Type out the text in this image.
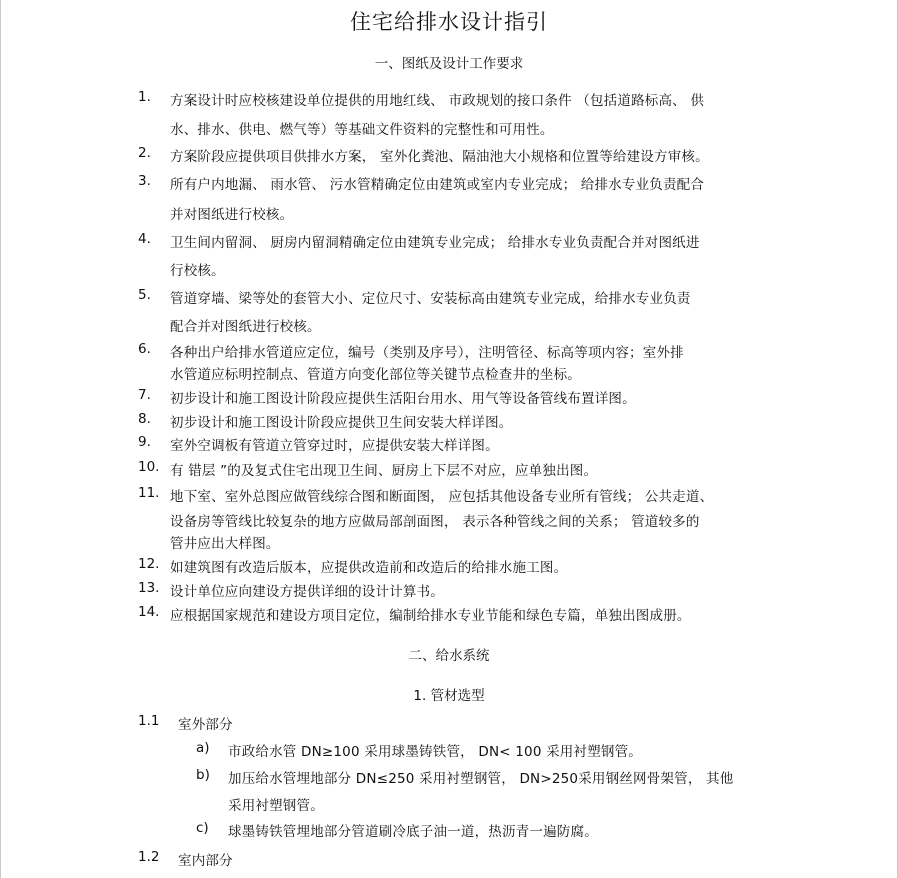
住宅给排水设计指引
一、图纸及设计工作要求
1.	方案设计时应校核建设单位提供的用地红线、 市政规划的接口条件 （包括道路标高、 供
水、排水、供电、燃气等）等基础文件资料的完整性和可用性。
2.	方案阶段应提供项目供排水方案， 室外化粪池、隔油池大小规格和位置等给建设方审核。
3.	所有户内地漏、 雨水管、 污水管精确定位由建筑或室内专业完成； 给排水专业负责配合
并对图纸进行校核。
4.	卫生间内留洞、 厨房内留洞精确定位由建筑专业完成； 给排水专业负责配合并对图纸进
行校核。
5.	管道穿墙、梁等处的套管大小、定位尺寸、安装标高由建筑专业完成，给排水专业负责
配合并对图纸进行校核。
6.	各种出户给排水管道应定位，编号（类别及序号），注明管径、标高等项内容；室外排
水管道应标明控制点、管道方向变化部位等关键节点检查井的坐标。
7.	初步设计和施工图设计阶段应提供生活阳台用水、用气等设备管线布置详图。
8.	初步设计和施工图设计阶段应提供卫生间安装大样详图。
9.	室外空调板有管道立管穿过时，应提供安装大样详图。
10. 有 错层 ”的及复式住宅出现卫生间、厨房上下层不对应，应单独出图。
11. 地下室、室外总图应做管线综合图和断面图， 应包括其他设备专业所有管线； 公共走道、
设备房等管线比较复杂的地方应做局部剖面图， 表示各种管线之间的关系； 管道较多的
管井应出大样图。
12. 如建筑图有改造后版本，应提供改造前和改造后的给排水施工图。
13. 设计单位应向建设方提供详细的设计计算书。
14. 应根据国家规范和建设方项目定位，编制给排水专业节能和绿色专篇，单独出图成册。
二、给水系统
1. 管材选型
1.1	室外部分
a)	市政给水管 DN≥100 采用球墨铸铁管， DN< 100 采用衬塑钢管。
b)	加压给水管埋地部分 DN≤250 采用衬塑钢管， DN>250采用钢丝网骨架管， 其他
采用衬塑钢管。
c)	球墨铸铁管埋地部分管道刷冷底子油一道，热沥青一遍防腐。
1.2	室内部分
